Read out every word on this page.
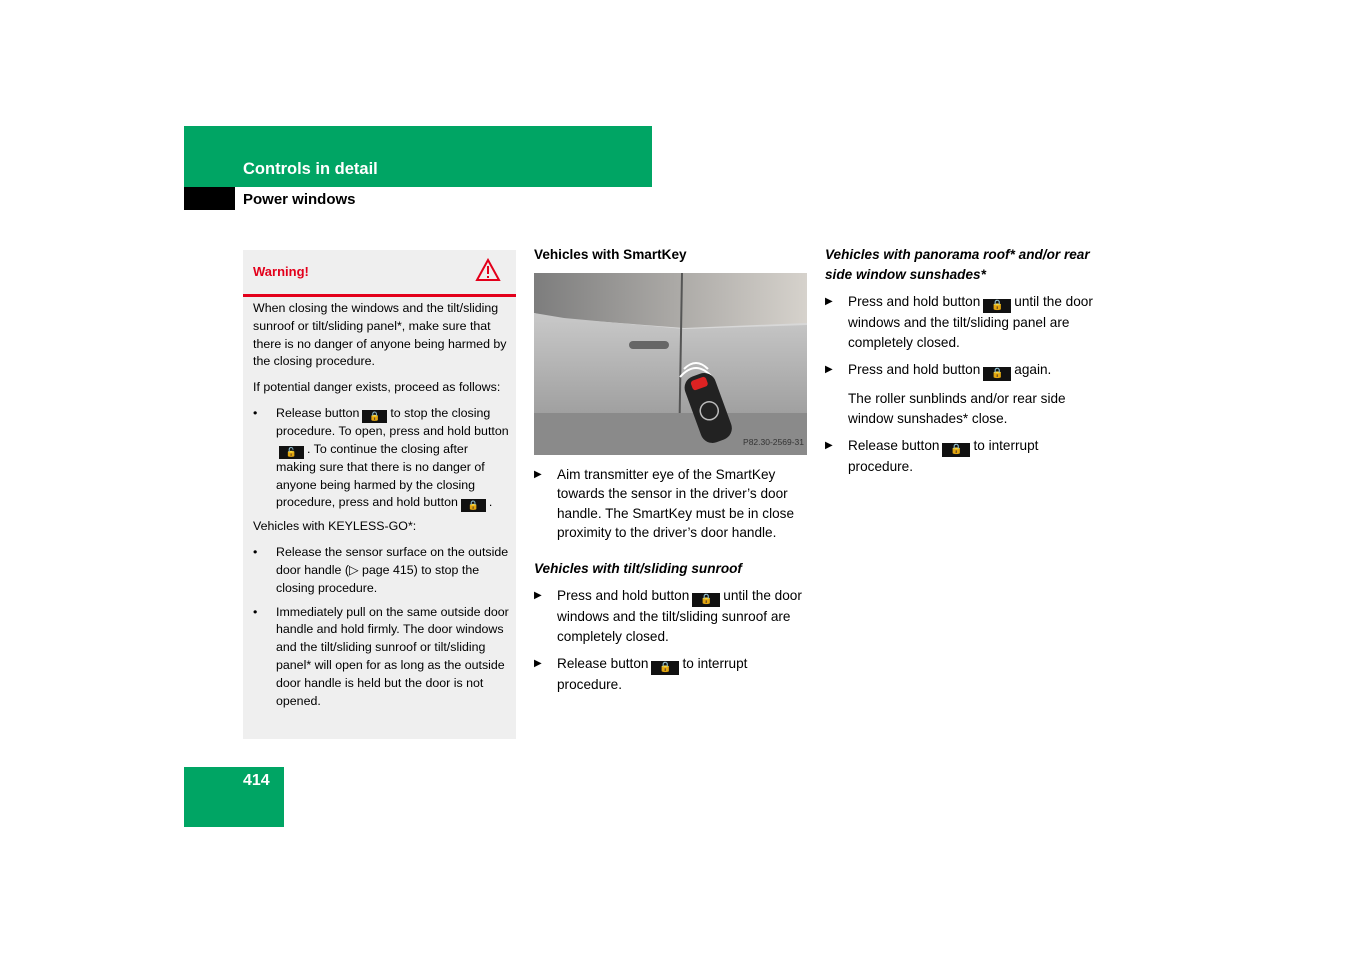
Controls in detail
Power windows
Warning!

When closing the windows and the tilt/sliding sunroof or tilt/sliding panel*, make sure that there is no danger of anyone being harmed by the closing procedure.

If potential danger exists, proceed as follows:

• Release button 🔒 to stop the closing procedure. To open, press and hold button🔓 . To continue the closing after making sure that there is no danger of anyone being harmed by the closing procedure, press and hold button 🔒 .

Vehicles with KEYLESS-GO*:

• Release the sensor surface on the outside door handle (▷ page 415) to stop the closing procedure.
• Immediately pull on the same outside door handle and hold firmly. The door windows and the tilt/sliding sunroof or tilt/sliding panel* will open for as long as the outside door handle is held but the door is not opened.
Vehicles with SmartKey
P82.30-2569-31
▶ Aim transmitter eye of the SmartKey towards the sensor in the driver’s door handle. The SmartKey must be in close proximity to the driver’s door handle.
Vehicles with tilt/sliding sunroof
▶ Press and hold button 🔒 until the door windows and the tilt/sliding sunroof are completely closed.
▶ Release button 🔒 to interrupt procedure.
Vehicles with panorama roof* and/or rear side window sunshades*
▶ Press and hold button 🔒 until the door windows and the tilt/sliding panel are completely closed.
▶ Press and hold button 🔒 again.
The roller sunblinds and/or rear side window sunshades* close.
▶ Release button 🔒 to interrupt procedure.
414
